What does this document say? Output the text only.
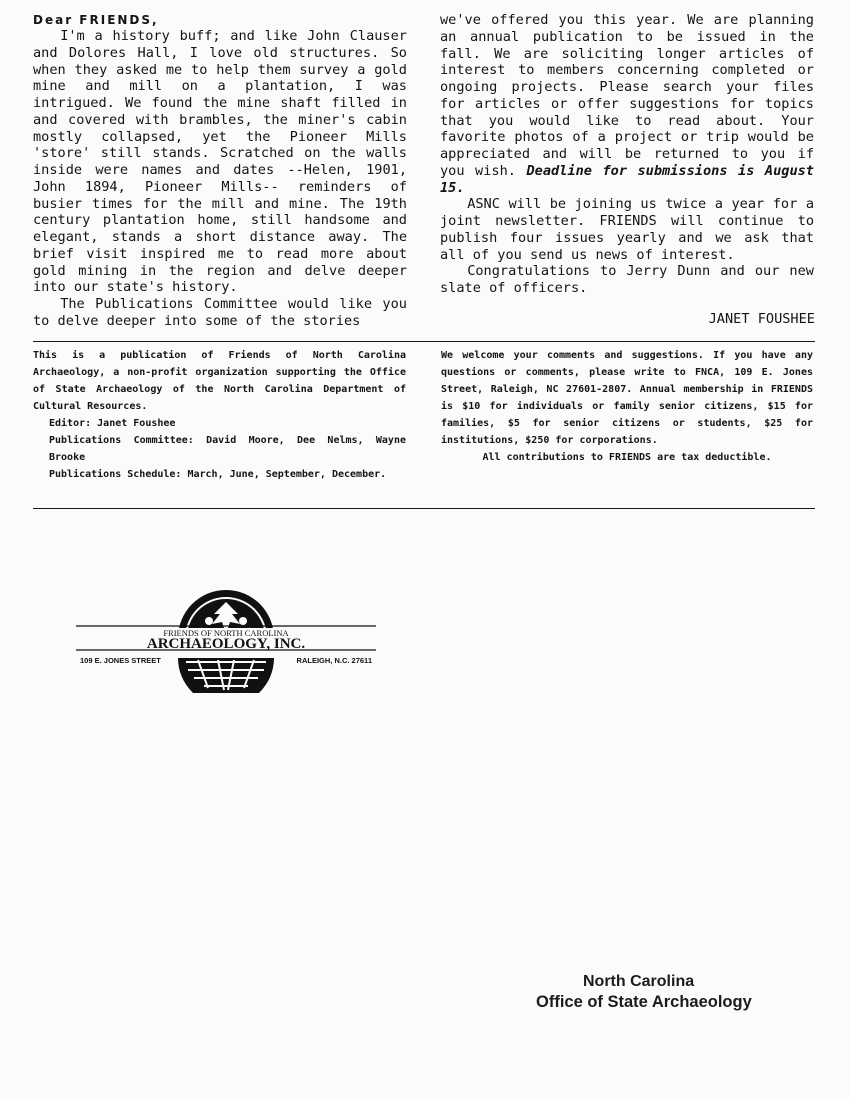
Dear FRIENDS,

I'm a history buff; and like John Clauser and Dolores Hall, I love old structures. So when they asked me to help them survey a gold mine and mill on a plantation, I was intrigued. We found the mine shaft filled in and covered with brambles, the miner's cabin mostly collapsed, yet the Pioneer Mills 'store' still stands. Scratched on the walls inside were names and dates --Helen, 1901, John 1894, Pioneer Mills-- reminders of busier times for the mill and mine. The 19th century plantation home, still handsome and elegant, stands a short distance away. The brief visit inspired me to read more about gold mining in the region and delve deeper into our state's history.

The Publications Committee would like you to delve deeper into some of the stories

we've offered you this year. We are planning an annual publication to be issued in the fall. We are soliciting longer articles of interest to members concerning completed or ongoing projects. Please search your files for articles or offer suggestions for topics that you would like to read about. Your favorite photos of a project or trip would be appreciated and will be returned to you if you wish. Deadline for submissions is August 15.

ASNC will be joining us twice a year for a joint newsletter. FRIENDS will continue to publish four issues yearly and we ask that all of you send us news of interest.

Congratulations to Jerry Dunn and our new slate of officers.

JANET FOUSHEE
This is a publication of Friends of North Carolina Archaeology, a non-profit organization supporting the Office of State Archaeology of the North Carolina Department of Cultural Resources.
Editor: Janet Foushee
Publications Committee: David Moore, Dee Nelms, Wayne Brooke
Publications Schedule: March, June, September, December.
We welcome your comments and suggestions. If you have any questions or comments, please write to FNCA, 109 E. Jones Street, Raleigh, NC 27601-2807. Annual membership in FRIENDS is $10 for individuals or family senior citizens, $15 for families, $5 for senior citizens or students, $25 for institutions, $250 for corporations.
All contributions to FRIENDS are tax deductible.
FRIENDS OF NORTH CAROLINA
ARCHAEOLOGY, INC.
109 E. JONES STREET	RALEIGH, N.C. 27611
North Carolina
Office of State Archaeology
